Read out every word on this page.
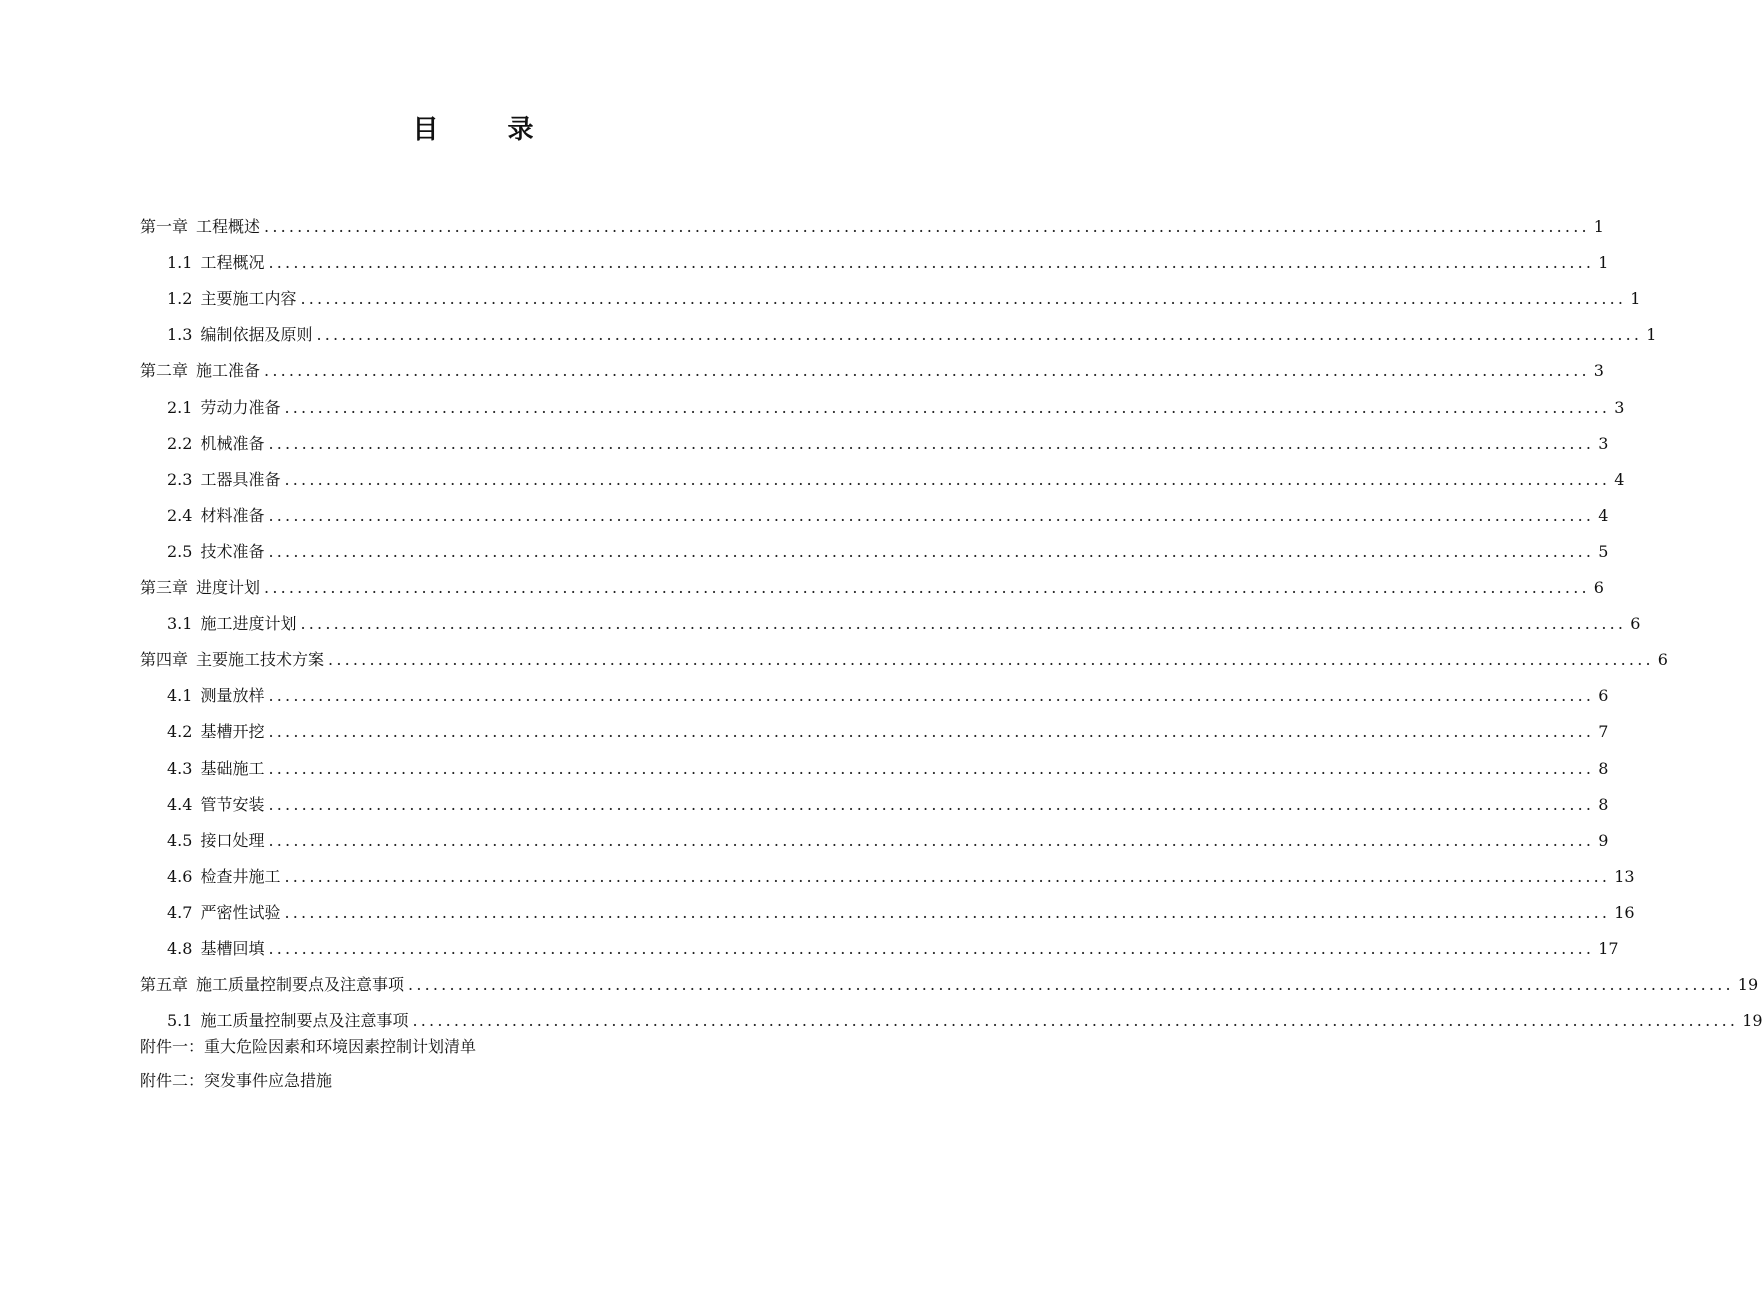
目 录
第一章 工程概述 ................................................................................................................................................................ 1
1.1 工程概况 ................................................................................................................................................................ 1
1.2 主要施工内容 ................................................................................................................................................................ 1
1.3 编制依据及原则 ................................................................................................................................................................ 1
第二章 施工准备 ................................................................................................................................................................ 3
2.1 劳动力准备 ................................................................................................................................................................ 3
2.2 机械准备 ................................................................................................................................................................ 3
2.3 工器具准备 ................................................................................................................................................................ 4
2.4 材料准备 ................................................................................................................................................................ 4
2.5 技术准备 ................................................................................................................................................................ 5
第三章 进度计划 ................................................................................................................................................................ 6
3.1 施工进度计划 ................................................................................................................................................................ 6
第四章 主要施工技术方案 ................................................................................................................................................................ 6
4.1 测量放样 ................................................................................................................................................................ 6
4.2 基槽开挖 ................................................................................................................................................................ 7
4.3 基础施工 ................................................................................................................................................................ 8
4.4 管节安装 ................................................................................................................................................................ 8
4.5 接口处理 ................................................................................................................................................................ 9
4.6 检查井施工 ................................................................................................................................................................ 13
4.7 严密性试验 ................................................................................................................................................................ 16
4.8 基槽回填 ................................................................................................................................................................ 17
第五章 施工质量控制要点及注意事项 ................................................................................................................................................................ 19
5.1 施工质量控制要点及注意事项 ................................................................................................................................................................ 19
附件一：重大危险因素和环境因素控制计划清单
附件二：突发事件应急措施
